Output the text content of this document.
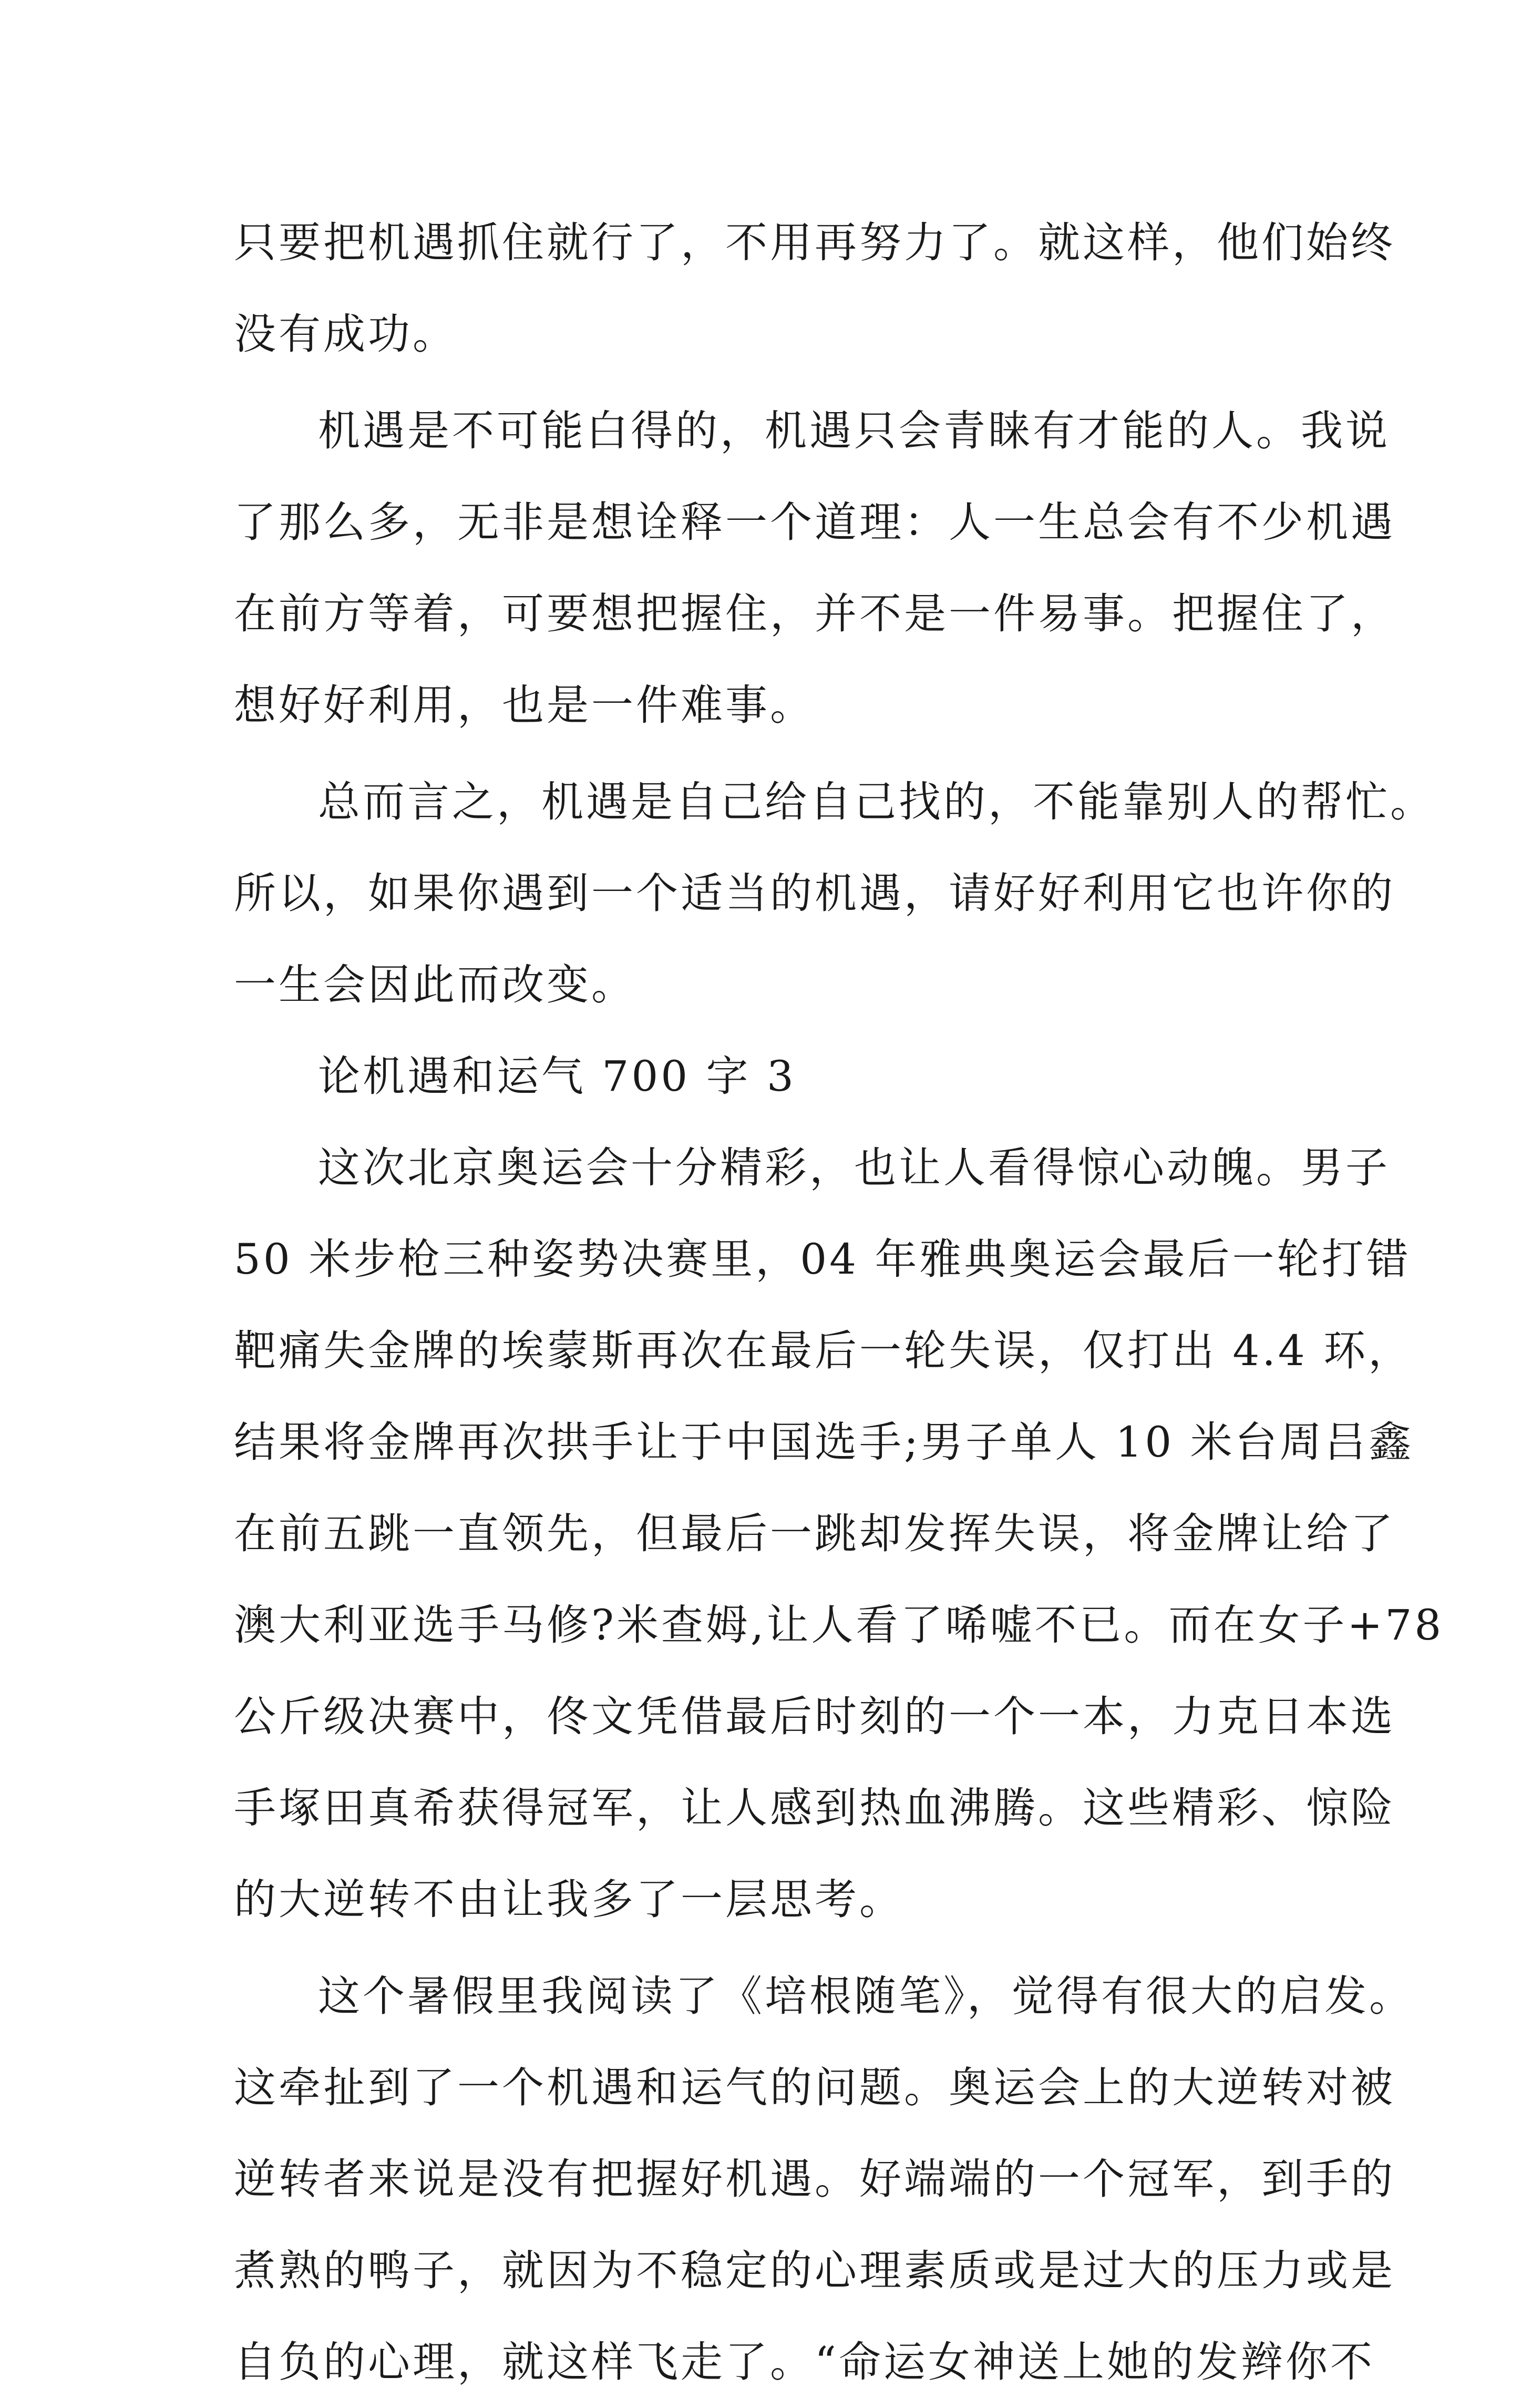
只要把机遇抓住就行了，不用再努力了。就这样，他们始终
没有成功。
机遇是不可能白得的，机遇只会青睐有才能的人。我说
了那么多，无非是想诠释一个道理：人一生总会有不少机遇
在前方等着，可要想把握住，并不是一件易事。把握住了，
想好好利用，也是一件难事。
总而言之，机遇是自己给自己找的，不能靠别人的帮忙。
所以，如果你遇到一个适当的机遇，请好好利用它也许你的
一生会因此而改变。
论机遇和运气 700 字 3
这次北京奥运会十分精彩，也让人看得惊心动魄。男子
50 米步枪三种姿势决赛里，04 年雅典奥运会最后一轮打错
靶痛失金牌的埃蒙斯再次在最后一轮失误，仅打出 4.4 环，
结果将金牌再次拱手让于中国选手;男子单人 10 米台周吕鑫
在前五跳一直领先，但最后一跳却发挥失误，将金牌让给了
澳大利亚选手马修?米查姆,让人看了唏嘘不已。而在女子+78
公斤级决赛中，佟文凭借最后时刻的一个一本，力克日本选
手塚田真希获得冠军，让人感到热血沸腾。这些精彩、惊险
的大逆转不由让我多了一层思考。
这个暑假里我阅读了《培根随笔》，觉得有很大的启发。
这牵扯到了一个机遇和运气的问题。奥运会上的大逆转对被
逆转者来说是没有把握好机遇。好端端的一个冠军，到手的
煮熟的鸭子，就因为不稳定的心理素质或是过大的压力或是
自负的心理，就这样飞走了。“命运女神送上她的发辫你不
